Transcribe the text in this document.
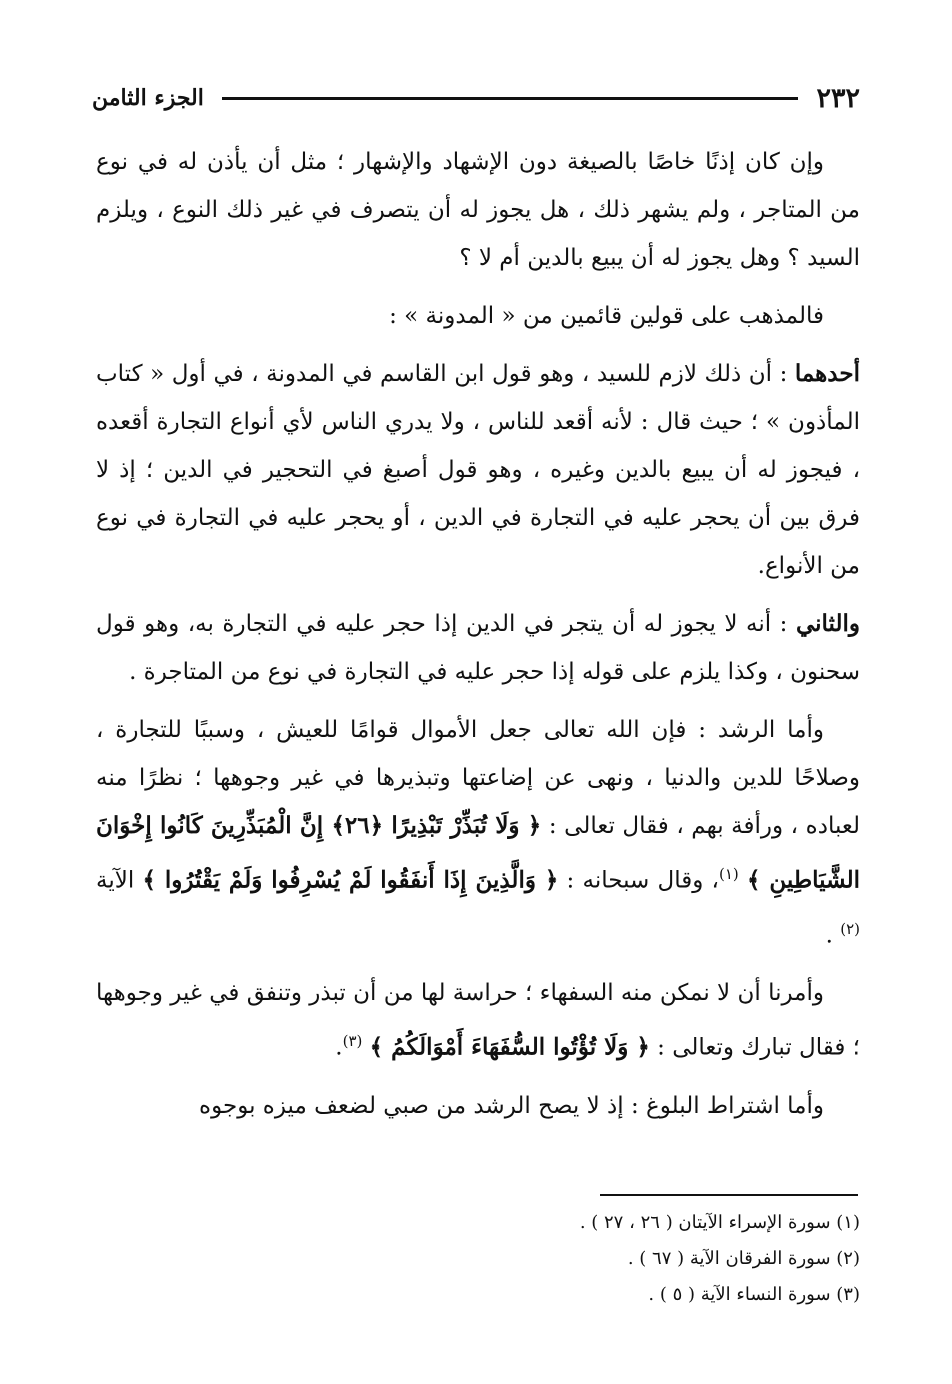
٢٣٢
الجزء الثامن

وإن كان إذنًا خاصًا بالصيغة دون الإشهاد والإشهار ؛ مثل أن يأذن له في نوع من المتاجر ، ولم يشهر ذلك ، هل يجوز له أن يتصرف في غير ذلك النوع ، ويلزم السيد ؟ وهل يجوز له أن يبيع بالدين أم لا ؟

فالمذهب على قولين قائمين من « المدونة » :

أحدهما : أن ذلك لازم للسيد ، وهو قول ابن القاسم في المدونة ، في أول « كتاب المأذون » ؛ حيث قال : لأنه أقعد للناس ، ولا يدري الناس لأي أنواع التجارة أقعده ، فيجوز له أن يبيع بالدين وغيره ، وهو قول أصبغ في التحجير في الدين ؛ إذ لا فرق بين أن يحجر عليه في التجارة في الدين ، أو يحجر عليه في التجارة في نوع من الأنواع.

والثاني : أنه لا يجوز له أن يتجر في الدين إذا حجر عليه في التجارة به، وهو قول سحنون ، وكذا يلزم على قوله إذا حجر عليه في التجارة في نوع من المتاجرة .

وأما الرشد : فإن الله تعالى جعل الأموال قوامًا للعيش ، وسببًا للتجارة ، وصلاحًا للدين والدنيا ، ونهى عن إضاعتها وتبذيرها في غير وجوهها ؛ نظرًا منه لعباده ، ورأفة بهم ، فقال تعالى : ﴿ وَلَا تُبَذِّرْ تَبْذِيرًا ﴿٢٦﴾ إِنَّ الْمُبَذِّرِينَ كَانُوا إِخْوَانَ الشَّيَاطِينِ ﴾ $^{(١)}$، وقال سبحانه : ﴿ وَالَّذِينَ إِذَا أَنفَقُوا لَمْ يُسْرِفُوا وَلَمْ يَقْتُرُوا ﴾ الآية $^{(٢)}$ .

وأمرنا أن لا نمكن منه السفهاء ؛ حراسة لها من أن تبذر وتنفق في غير وجوهها ؛ فقال تبارك وتعالى : ﴿ وَلَا تُؤْتُوا السُّفَهَاءَ أَمْوَالَكُمُ ﴾ $^{(٣)}$.

وأما اشتراط البلوغ : إذ لا يصح الرشد من صبي لضعف ميزه بوجوه

(١) سورة الإسراء الآيتان ( ٢٦ ، ٢٧ ) .
(٢) سورة الفرقان الآية ( ٦٧ ) .
(٣) سورة النساء الآية ( ٥ ) .
